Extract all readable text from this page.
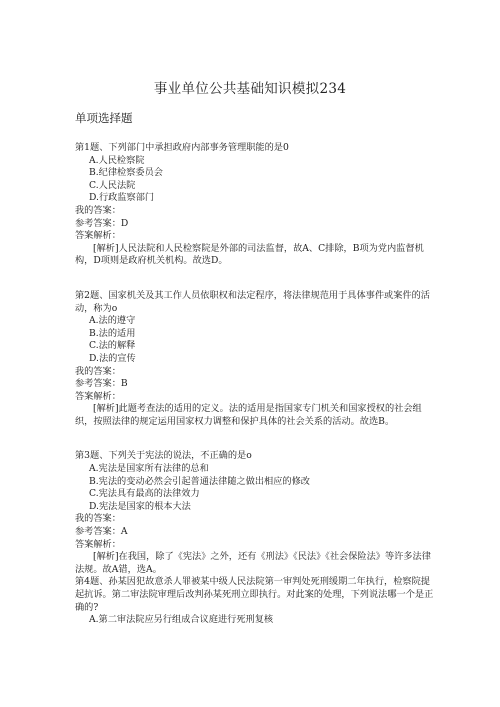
事业单位公共基础知识模拟234
单项选择题
第1题、下列部门中承担政府内部事务管理职能的是0
A.人民检察院
B.纪律检察委员会
C.人民法院
D.行政监察部门
我的答案：
参考答案：D
答案解析：
[解析]人民法院和人民检察院是外部的司法监督，故A、C排除，B项为党内监督机构，D项则是政府机关机构。故选D。
第2题、国家机关及其工作人员依职权和法定程序，将法律规范用于具体事件或案件的活动，称为o
A.法的遵守
B.法的适用
C.法的解释
D.法的宣传
我的答案：
参考答案：B
答案解析：
[解析]此题考查法的适用的定义。法的适用是指国家专门机关和国家授权的社会组织，按照法律的规定运用国家权力调整和保护具体的社会关系的活动。故选B。
第3题、下列关于宪法的说法，不正确的是o
A.宪法是国家所有法律的总和
B.宪法的变动必然会引起普通法律随之做出相应的修改
C.宪法具有最高的法律效力
D.宪法是国家的根本大法
我的答案：
参考答案：A
答案解析：
[解析]在我国，除了《宪法》之外，还有《刑法》《民法》《社会保险法》等许多法律法规。故A错，选A。
第4题、孙某因犯故意杀人罪被某中级人民法院第一审判处死刑缓期二年执行，检察院提起抗诉。第二审法院审理后改判孙某死刑立即执行。对此案的处理，下列说法哪一个是正确的?
A.第二审法院应另行组成合议庭进行死刑复核
